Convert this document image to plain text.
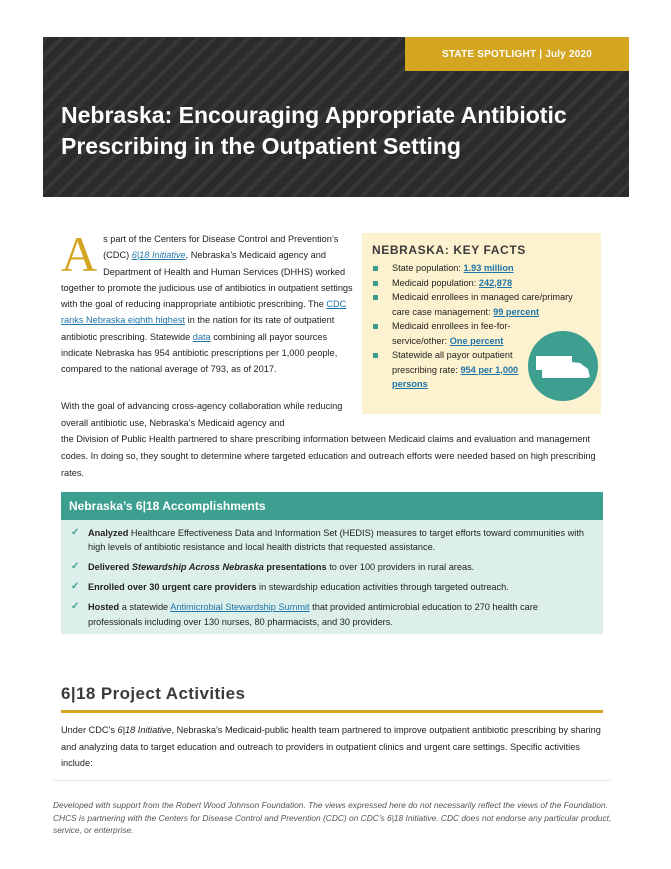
STATE SPOTLIGHT | July 2020
Nebraska: Encouraging Appropriate Antibiotic Prescribing in the Outpatient Setting
As part of the Centers for Disease Control and Prevention’s (CDC) 6|18 Initiative, Nebraska’s Medicaid agency and Department of Health and Human Services (DHHS) worked together to promote the judicious use of antibiotics in outpatient settings with the goal of reducing inappropriate antibiotic prescribing. The CDC ranks Nebraska eighth highest in the nation for its rate of outpatient antibiotic prescribing. Statewide data combining all payor sources indicate Nebraska has 954 antibiotic prescriptions per 1,000 people, compared to the national average of 793, as of 2017.
NEBRASKA: KEY FACTS
State population: 1.93 million
Medicaid population: 242,878
Medicaid enrollees in managed care/primary care case management: 99 percent
Medicaid enrollees in fee-for-service/other: One percent
Statewide all payor outpatient prescribing rate: 954 per 1,000 persons
With the goal of advancing cross-agency collaboration while reducing overall antibiotic use, Nebraska’s Medicaid agency and
the Division of Public Health partnered to share prescribing information between Medicaid claims and evaluation and management codes. In doing so, they sought to determine where targeted education and outreach efforts were needed based on high prescribing rates.
Nebraska’s 6|18 Accomplishments
✓ Analyzed Healthcare Effectiveness Data and Information Set (HEDIS) measures to target efforts toward communities with high levels of antibiotic resistance and local health districts that requested assistance.
✓ Delivered Stewardship Across Nebraska presentations to over 100 providers in rural areas.
✓ Enrolled over 30 urgent care providers in stewardship education activities through targeted outreach.
✓ Hosted a statewide Antimicrobial Stewardship Summit that provided antimicrobial education to 270 health care professionals including over 130 nurses, 80 pharmacists, and 30 providers.
6|18 Project Activities
Under CDC’s 6|18 Initiative, Nebraska’s Medicaid-public health team partnered to improve outpatient antibiotic prescribing by sharing and analyzing data to target education and outreach to providers in outpatient clinics and urgent care settings. Specific activities include:
Developed with support from the Robert Wood Johnson Foundation. The views expressed here do not necessarily reflect the views of the Foundation. CHCS is partnering with the Centers for Disease Control and Prevention (CDC) on CDC’s 6|18 Initiative. CDC does not endorse any particular product, service, or enterprise.
